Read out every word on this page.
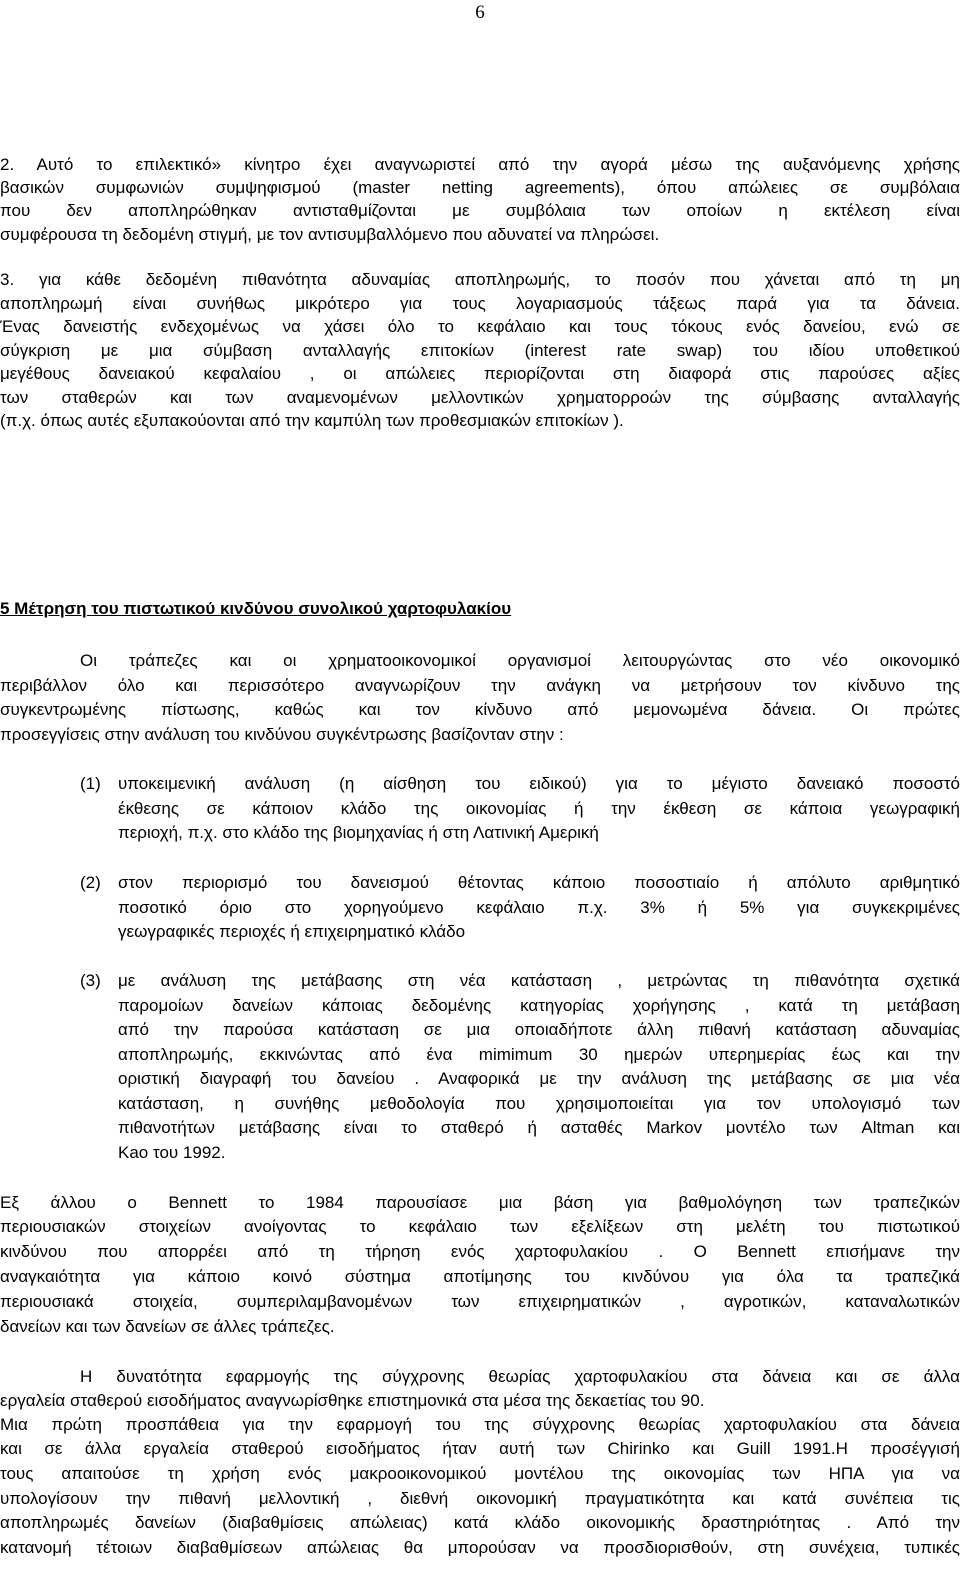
6
2. Αυτό το επιλεκτικό» κίνητρο έχει αναγνωριστεί από την αγορά μέσω της αυξανόμενης χρήσης
βασικών συμφωνιών συμψηφισμού (master netting agreements), όπου απώλειες σε συμβόλαια
που δεν αποπληρώθηκαν αντισταθμίζονται με συμβόλαια των οποίων η εκτέλεση είναι
συμφέρουσα τη δεδομένη στιγμή, με τον αντισυμβαλλόμενο που αδυνατεί να πληρώσει.
3. για κάθε δεδομένη πιθανότητα αδυναμίας αποπληρωμής, το ποσόν που χάνεται από τη μη
αποπληρωμή είναι συνήθως μικρότερο για τους λογαριασμούς τάξεως παρά για τα δάνεια.
Ένας δανειστής ενδεχομένως να χάσει όλο το κεφάλαιο και τους τόκους ενός δανείου, ενώ σε
σύγκριση με μια σύμβαση ανταλλαγής επιτοκίων (interest rate swap) του ιδίου υποθετικού
μεγέθους δανειακού κεφαλαίου , οι απώλειες περιορίζονται στη διαφορά στις παρούσες αξίες
των σταθερών και των αναμενομένων μελλοντικών χρηματορροών της σύμβασης ανταλλαγής
(π.χ. όπως αυτές εξυπακούονται από την καμπύλη των προθεσμιακών επιτοκίων ).
5 Μέτρηση του πιστωτικού κινδύνου συνολικού χαρτοφυλακίου
Οι τράπεζες και οι χρηματοοικονομικοί οργανισμοί λειτουργώντας στο νέο οικονομικό
περιβάλλον όλο και περισσότερο αναγνωρίζουν την ανάγκη να μετρήσουν τον κίνδυνο της
συγκεντρωμένης πίστωσης, καθώς και τον κίνδυνο από μεμονωμένα δάνεια. Οι πρώτες
προσεγγίσεις στην ανάλυση του κινδύνου συγκέντρωσης βασίζονταν στην :
(1) υποκειμενική ανάλυση (η αίσθηση του ειδικού) για το μέγιστο δανειακό ποσοστό
έκθεσης σε κάποιον κλάδο της οικονομίας ή την έκθεση σε κάποια γεωγραφική
περιοχή, π.χ. στο κλάδο της βιομηχανίας ή στη Λατινική Αμερική
(2) στον περιορισμό του δανεισμού θέτοντας κάποιο ποσοστιαίο ή απόλυτο αριθμητικό
ποσοτικό όριο στο χορηγούμενο κεφάλαιο π.χ. 3% ή 5% για συγκεκριμένες
γεωγραφικές περιοχές ή επιχειρηματικό κλάδο
(3) με ανάλυση της μετάβασης στη νέα κατάσταση , μετρώντας τη πιθανότητα σχετικά
παρομοίων δανείων κάποιας δεδομένης κατηγορίας χορήγησης , κατά τη μετάβαση
από την παρούσα κατάσταση σε μια οποιαδήποτε άλλη πιθανή κατάσταση αδυναμίας
αποπληρωμής, εκκινώντας από ένα mimimum 30 ημερών υπερημερίας έως και την
οριστική διαγραφή του δανείου . Αναφορικά με την ανάλυση της μετάβασης σε μια νέα
κατάσταση, η συνήθης μεθοδολογία που χρησιμοποιείται για τον υπολογισμό των
πιθανοτήτων μετάβασης είναι το σταθερό ή ασταθές Markov μοντέλο των Altman και
Kao του 1992.
Εξ άλλου ο Bennett το 1984 παρουσίασε μια βάση για βαθμολόγηση των τραπεζικών
περιουσιακών στοιχείων ανοίγοντας το κεφάλαιο των εξελίξεων στη μελέτη του πιστωτικού
κινδύνου που απορρέει από τη τήρηση ενός χαρτοφυλακίου . Ο Bennett επισήμανε την
αναγκαιότητα για κάποιο κοινό σύστημα αποτίμησης του κινδύνου για όλα τα τραπεζικά
περιουσιακά στοιχεία, συμπεριλαμβανομένων των επιχειρηματικών , αγροτικών, καταναλωτικών
δανείων και των δανείων σε άλλες τράπεζες.
Η δυνατότητα εφαρμογής της σύγχρονης θεωρίας χαρτοφυλακίου στα δάνεια και σε άλλα
εργαλεία σταθερού εισοδήματος αναγνωρίσθηκε επιστημονικά στα μέσα της δεκαετίας του 90.
Μια πρώτη προσπάθεια για την εφαρμογή του της σύγχρονης θεωρίας χαρτοφυλακίου στα δάνεια
και σε άλλα εργαλεία σταθερού εισοδήματος ήταν αυτή των Chirinko και Guill 1991.Η προσέγγισή
τους απαιτούσε τη χρήση ενός μακροοικονομικού μοντέλου της οικονομίας των ΗΠΑ για να
υπολογίσουν την πιθανή μελλοντική , διεθνή οικονομική πραγματικότητα και κατά συνέπεια τις
αποπληρωμές δανείων (διαβαθμίσεις απώλειας) κατά κλάδο οικονομικής δραστηριότητας . Από την
κατανομή τέτοιων διαβαθμίσεων απώλειας θα μπορούσαν να προσδιορισθούν, στη συνέχεια, τυπικές
